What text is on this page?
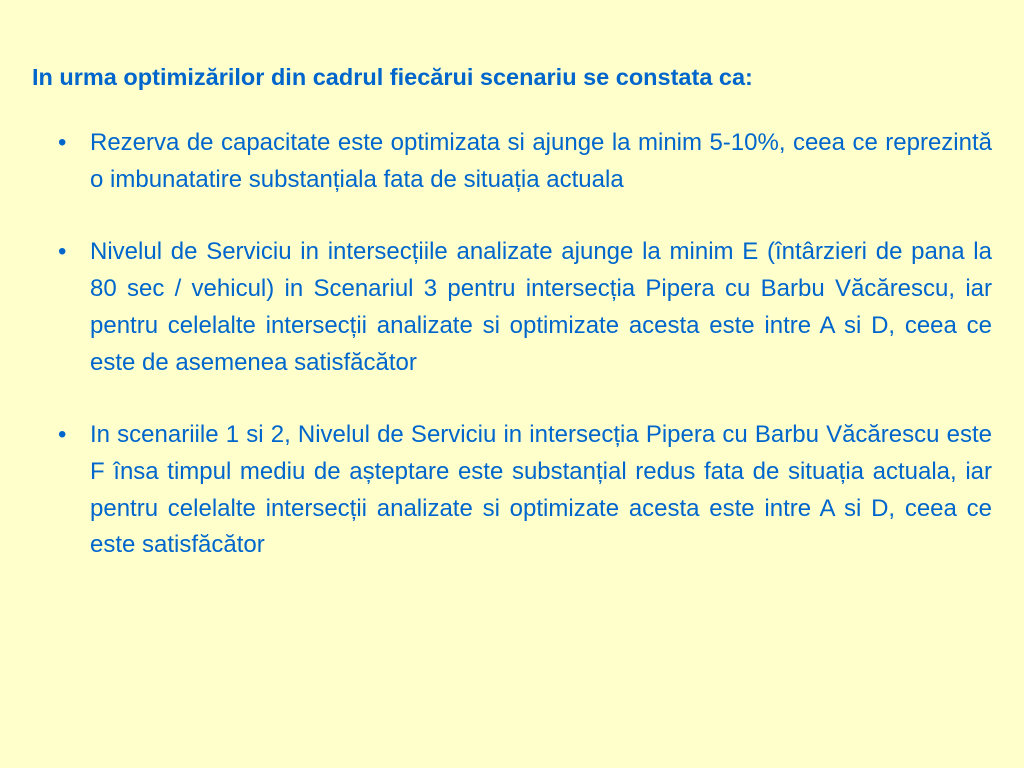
In urma optimizărilor din cadrul fiecărui scenariu se constata ca:
• Rezerva de capacitate este optimizata si ajunge la minim 5-10%, ceea ce reprezintă o imbunatatire substanțiala fata de situația actuala
• Nivelul de Serviciu in intersecțiile analizate ajunge la minim E (întârzieri de pana la 80 sec / vehicul) in Scenariul 3 pentru intersecția Pipera cu Barbu Văcărescu, iar pentru celelalte intersecții analizate si optimizate acesta este intre A si D, ceea ce este de asemenea satisfăcător
• In scenariile 1 si 2, Nivelul de Serviciu in intersecția Pipera cu Barbu Văcărescu este F însa timpul mediu de așteptare este substanțial redus fata de situația actuala, iar pentru celelalte intersecții analizate si optimizate acesta este intre A si D, ceea ce este satisfăcător
